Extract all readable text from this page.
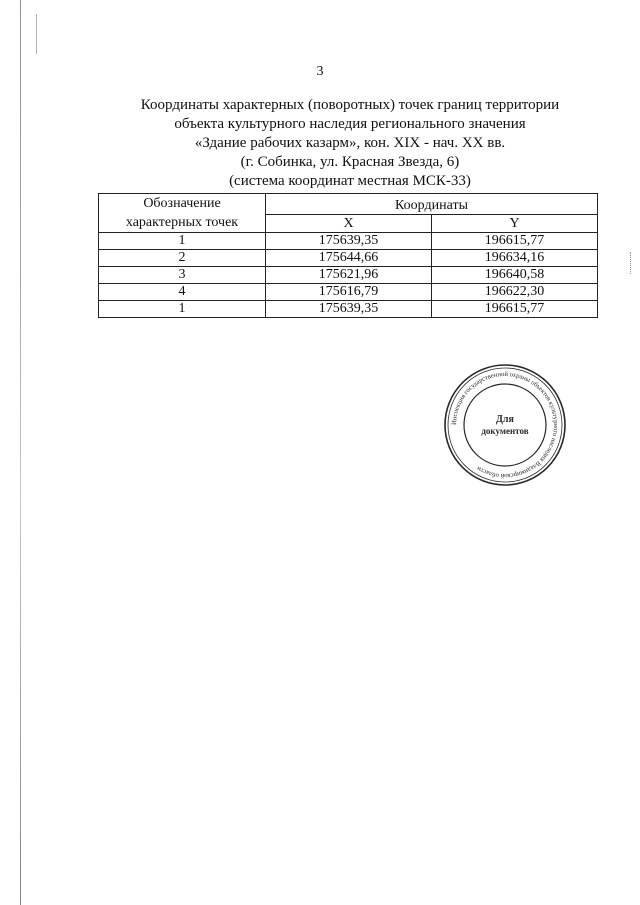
3
Координаты характерных (поворотных) точек границ территории
объекта культурного наследия регионального значения
«Здание рабочих казарм», кон. XIX - нач. XX вв.
(г. Собинка, ул. Красная Звезда, 6)
(система координат местная МСК-33)
Обозначение
характерных точек	Координаты	
	X	Y
1	175639,35	196615,77
2	175644,66	196634,16
3	175621,96	196640,58
4	175616,79	196622,30
1	175639,35	196615,77
Инспекция государственной охраны объектов культурного наследия Владимирской области
Для
документов
